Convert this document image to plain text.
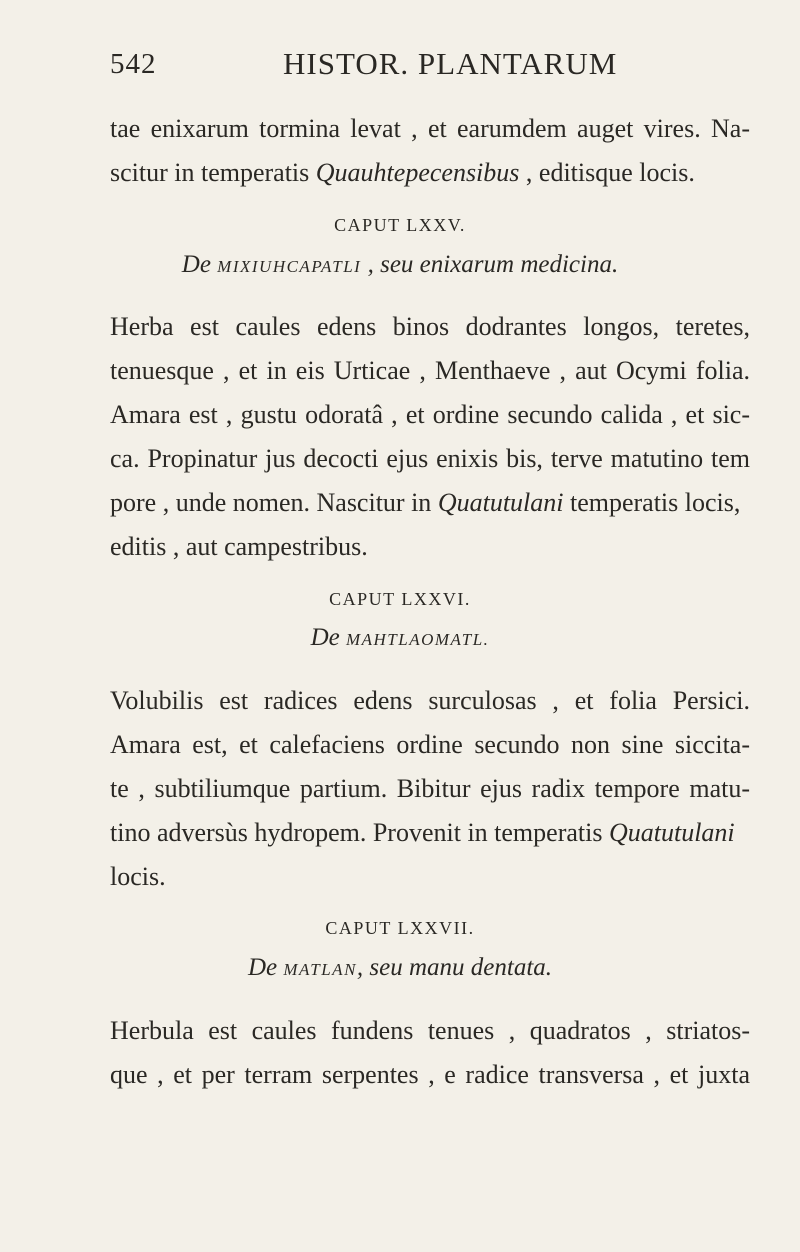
542	HISTOR. PLANTARUM

tae enixarum tormina levat , et earumdem auget vires. Na-

scitur in temperatis Quauhtepecensibus , editisque locis.

CAPUT LXXV.

De MIXIUHCAPATLI , seu enixarum medicina.

Herba est caules edens binos dodrantes longos, teretes,

tenuesque , et in eis Urticae , Menthaeve , aut Ocymi folia.

Amara est , gustu odoratâ , et ordine secundo calida , et sic-

ca. Propinatur jus decocti ejus enixis bis, terve matutino tem

pore , unde nomen. Nascitur in Quatutulani temperatis locis,

editis , aut campestribus.

CAPUT LXXVI.

De MAHTLAOMATL.

Volubilis est radices edens surculosas , et folia Persici.

Amara est, et calefaciens ordine secundo non sine siccita-

te , subtiliumque partium. Bibitur ejus radix tempore matu-

tino adversùs hydropem. Provenit in temperatis Quatutulani

locis.

CAPUT LXXVII.

De MATLAN, seu manu dentata.

Herbula est caules fundens tenues , quadratos , striatos-

que , et per terram serpentes , e radice transversa , et juxta
